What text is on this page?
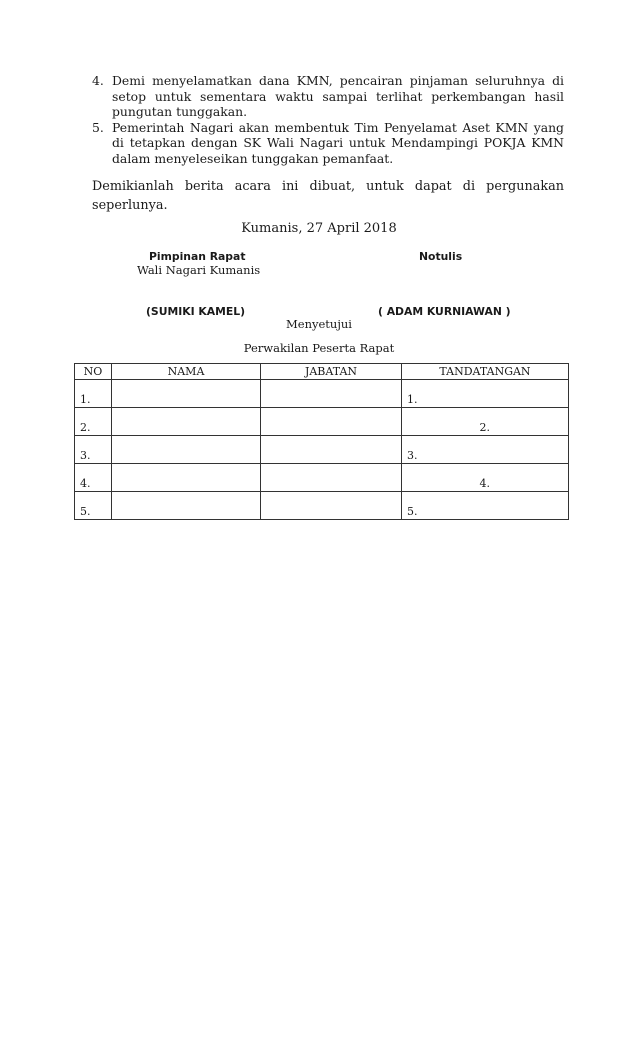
4. Demi menyelamatkan dana KMN, pencairan pinjaman seluruhnya di setop untuk sementara waktu sampai terlihat perkembangan hasil pungutan tunggakan.
5. Pemerintah Nagari akan membentuk Tim Penyelamat Aset KMN yang di tetapkan dengan SK Wali Nagari untuk Mendampingi POKJA KMN dalam menyeleseikan tunggakan pemanfaat.
Demikianlah berita acara ini dibuat, untuk dapat di pergunakan seperlunya.
Kumanis, 27 April 2018
Pimpinan Rapat
Wali Nagari Kumanis
Notulis
(SUMIKI KAMEL)	( ADAM KURNIAWAN )
Menyetujui
Perwakilan Peserta Rapat
NO	NAMA	JABATAN	TANDATANGAN
1.			1.
2.			2.
3.			3.
4.			4.
5.			5.
